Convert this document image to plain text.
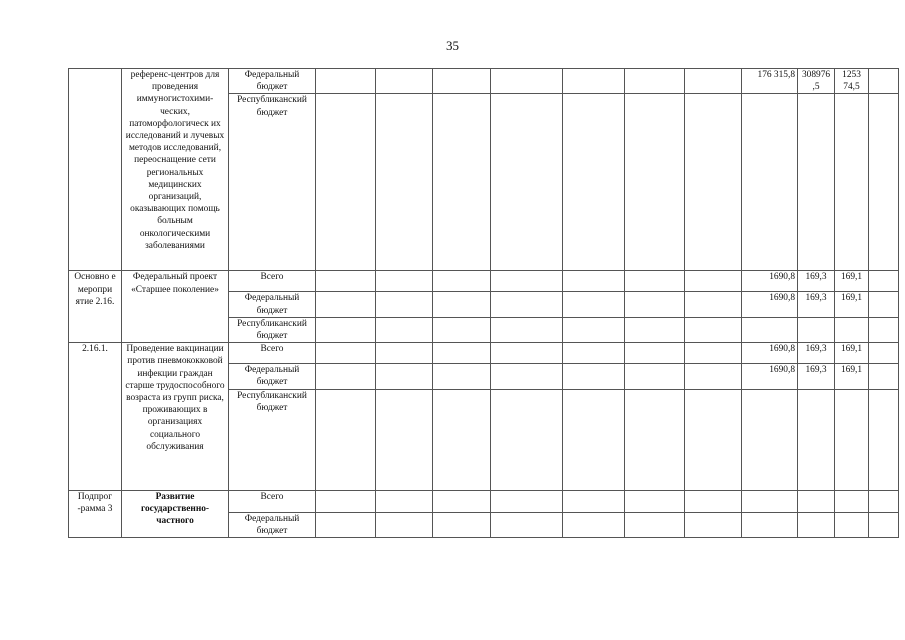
35
	референс-центров для проведения иммуногистохими-ческих, патоморфологическ их исследований и лучевых методов исследований, переоснащение сети региональных медицинских организаций, оказывающих помощь больным онкологическими заболеваниями	Федеральный бюджет								176 315,8	308976 ,5	1253 74,5	
		Республиканский бюджет											
Основно е меропри ятие 2.16.	Федеральный проект «Старшее поколение»	Всего								1690,8	169,3	169,1	
		Федеральный бюджет								1690,8	169,3	169,1	
		Республиканский бюджет											
2.16.1.	Проведение вакцинации против пневмококковой инфекции граждан старше трудоспособного возраста из групп риска, проживающих в организациях социального обслуживания	Всего								1690,8	169,3	169,1	
		Федеральный бюджет								1690,8	169,3	169,1	
		Республиканский бюджет											
Подпрог -рамма 3	Развитие государственно-частного	Всего											
		Федеральный бюджет											
